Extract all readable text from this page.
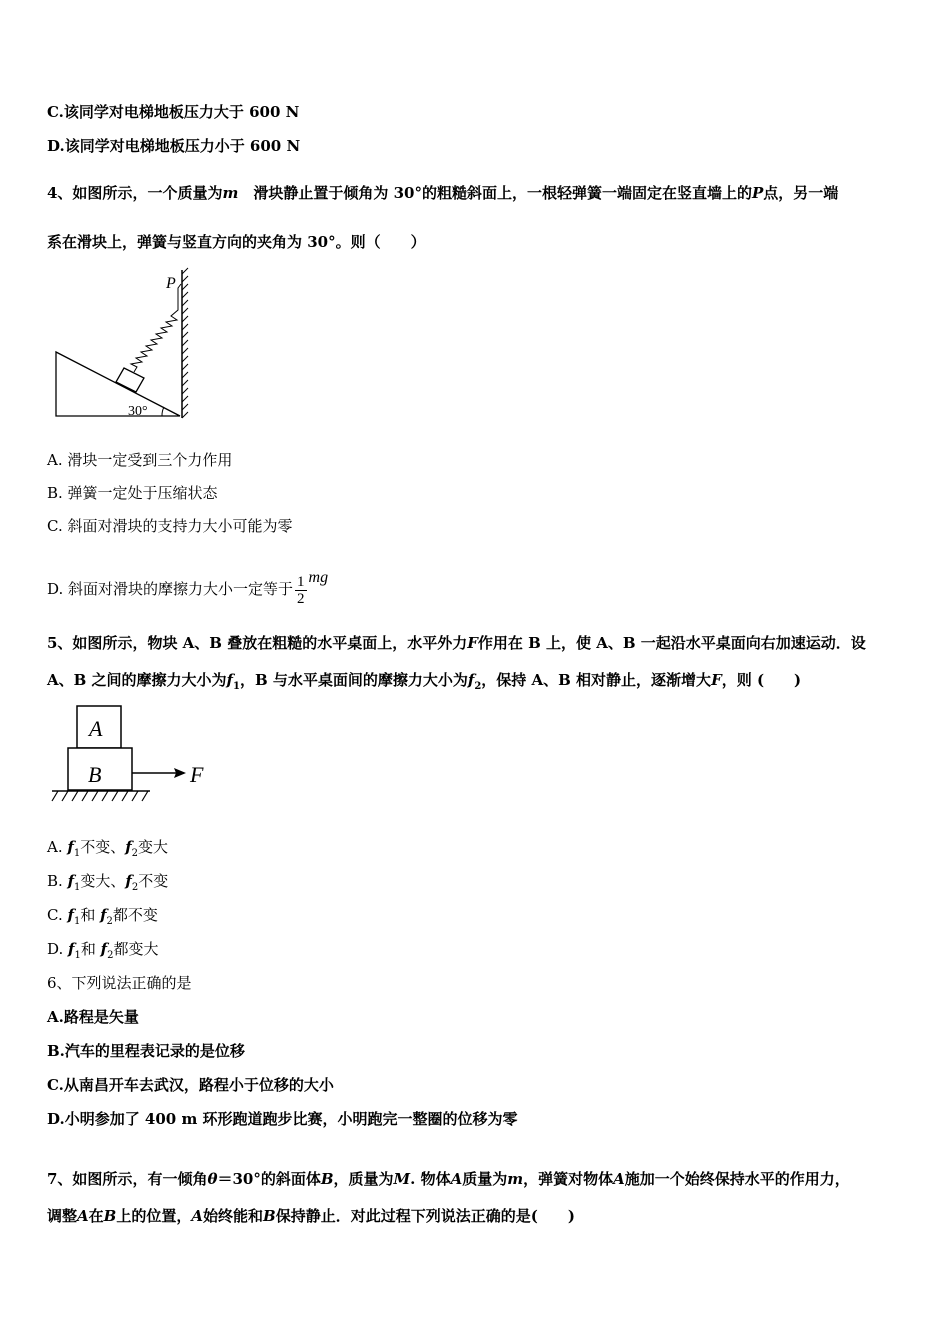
C.该同学对电梯地板压力大于 600 N
D.该同学对电梯地板压力小于 600 N
4、如图所示，一个质量为m　 滑块静止置于倾角为 30°的粗糙斜面上，一根轻弹簧一端固定在竖直墙上的P点，另一端
系在滑块上，弹簧与竖直方向的夹角为 30°。则（　　）
P
30°
A. 滑块一定受到三个力作用
B. 弹簧一定处于压缩状态
C. 斜面对滑块的支持力大小可能为零
D. 斜面对滑块的摩擦力大小一定等于 $\frac{1}{2}$ mg
5、如图所示，物块 A、B 叠放在粗糙的水平桌面上，水平外力F作用在 B 上，使 A、B 一起沿水平桌面向右加速运动．设
A、B 之间的摩擦力大小为$f_1$，B 与水平桌面间的摩擦力大小为$f_2$，保持 A、B 相对静止，逐渐增大F，则 (　　)
A
B	F
A. $f_1$不变、$f_2$变大
B. $f_1$变大、$f_2$不变
C. $f_1$和 $f_2$都不变
D. $f_1$和 $f_2$都变大
6、下列说法正确的是
A.路程是矢量
B.汽车的里程表记录的是位移
C.从南昌开车去武汉，路程小于位移的大小
D.小明参加了 400 m 环形跑道跑步比赛，小明跑完一整圈的位移为零
7、如图所示，有一倾角θ＝30°的斜面体B，质量为M. 物体A质量为m，弹簧对物体A施加一个始终保持水平的作用力，
调整A在B上的位置，A始终能和B保持静止．对此过程下列说法正确的是(　　)
